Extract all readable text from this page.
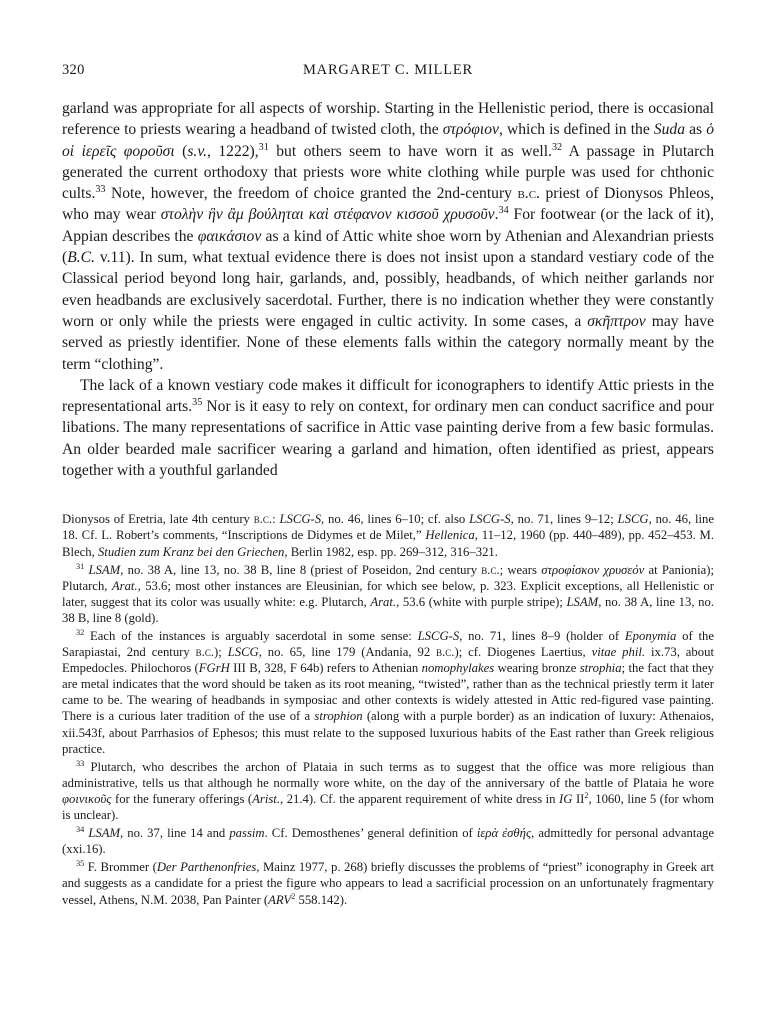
320	MARGARET C. MILLER

garland was appropriate for all aspects of worship. Starting in the Hellenistic period, there is occasional reference to priests wearing a headband of twisted cloth, the στρόφιον, which is defined in the Suda as ὁ οἱ ἱερεῖς φοροῦσι (s.v., 1222),$^{31}$ but others seem to have worn it as well.$^{32}$ A passage in Plutarch generated the current orthodoxy that priests wore white clothing while purple was used for chthonic cults.$^{33}$ Note, however, the freedom of choice granted the 2nd-century b.c. priest of Dionysos Phleos, who may wear στολὴν ἣν ἂμ βούληται καὶ στέφανον κισσοῦ χρυσοῦν.$^{34}$ For footwear (or the lack of it), Appian describes the φαικάσιον as a kind of Attic white shoe worn by Athenian and Alexandrian priests (B.C. v.11). In sum, what textual evidence there is does not insist upon a standard vestiary code of the Classical period beyond long hair, garlands, and, possibly, headbands, of which neither garlands nor even headbands are exclusively sacerdotal. Further, there is no indication whether they were constantly worn or only while the priests were engaged in cultic activity. In some cases, a σκῆπτρον may have served as priestly identifier. None of these elements falls within the category normally meant by the term “clothing”.

The lack of a known vestiary code makes it difficult for iconographers to identify Attic priests in the representational arts.$^{35}$ Nor is it easy to rely on context, for ordinary men can conduct sacrifice and pour libations. The many representations of sacrifice in Attic vase painting derive from a few basic formulas. An older bearded male sacrificer wearing a garland and himation, often identified as priest, appears together with a youthful garlanded

Dionysos of Eretria, late 4th century b.c.: LSCG-S, no. 46, lines 6–10; cf. also LSCG-S, no. 71, lines 9–12; LSCG, no. 46, line 18. Cf. L. Robert’s comments, “Inscriptions de Didymes et de Milet,” Hellenica, 11–12, 1960 (pp. 440–489), pp. 452–453. M. Blech, Studien zum Kranz bei den Griechen, Berlin 1982, esp. pp. 269–312, 316–321.

$^{31}$ LSAM, no. 38 A, line 13, no. 38 B, line 8 (priest of Poseidon, 2nd century b.c.; wears στροφίσκον χρυσεόν at Panionia); Plutarch, Arat., 53.6; most other instances are Eleusinian, for which see below, p. 323. Explicit exceptions, all Hellenistic or later, suggest that its color was usually white: e.g. Plutarch, Arat., 53.6 (white with purple stripe); LSAM, no. 38 A, line 13, no. 38 B, line 8 (gold).

$^{32}$ Each of the instances is arguably sacerdotal in some sense: LSCG-S, no. 71, lines 8–9 (holder of Eponymia of the Sarapiastai, 2nd century b.c.); LSCG, no. 65, line 179 (Andania, 92 b.c.); cf. Diogenes Laertius, vitae phil. ix.73, about Empedocles. Philochoros (FGrH III B, 328, F 64b) refers to Athenian nomophylakes wearing bronze strophia; the fact that they are metal indicates that the word should be taken as its root meaning, “twisted”, rather than as the technical priestly term it later came to be. The wearing of headbands in symposiac and other contexts is widely attested in Attic red-figured vase painting. There is a curious later tradition of the use of a strophion (along with a purple border) as an indication of luxury: Athenaios, xii.543f, about Parrhasios of Ephesos; this must relate to the supposed luxurious habits of the East rather than Greek religious practice.

$^{33}$ Plutarch, who describes the archon of Plataia in such terms as to suggest that the office was more religious than administrative, tells us that although he normally wore white, on the day of the anniversary of the battle of Plataia he wore φοινικοῦς for the funerary offerings (Arist., 21.4). Cf. the apparent requirement of white dress in IG $II^2$, 1060, line 5 (for whom is unclear).

$^{34}$ LSAM, no. 37, line 14 and passim. Cf. Demosthenes’ general definition of ἱερὰ ἐσθής, admittedly for personal advantage (xxi.16).

$^{35}$ F. Brommer (Der Parthenonfries, Mainz 1977, p. 268) briefly discusses the problems of “priest” iconography in Greek art and suggests as a candidate for a priest the figure who appears to lead a sacrificial procession on an unfortunately fragmentary vessel, Athens, N.M. 2038, Pan Painter (ARV$^2$ 558.142).
